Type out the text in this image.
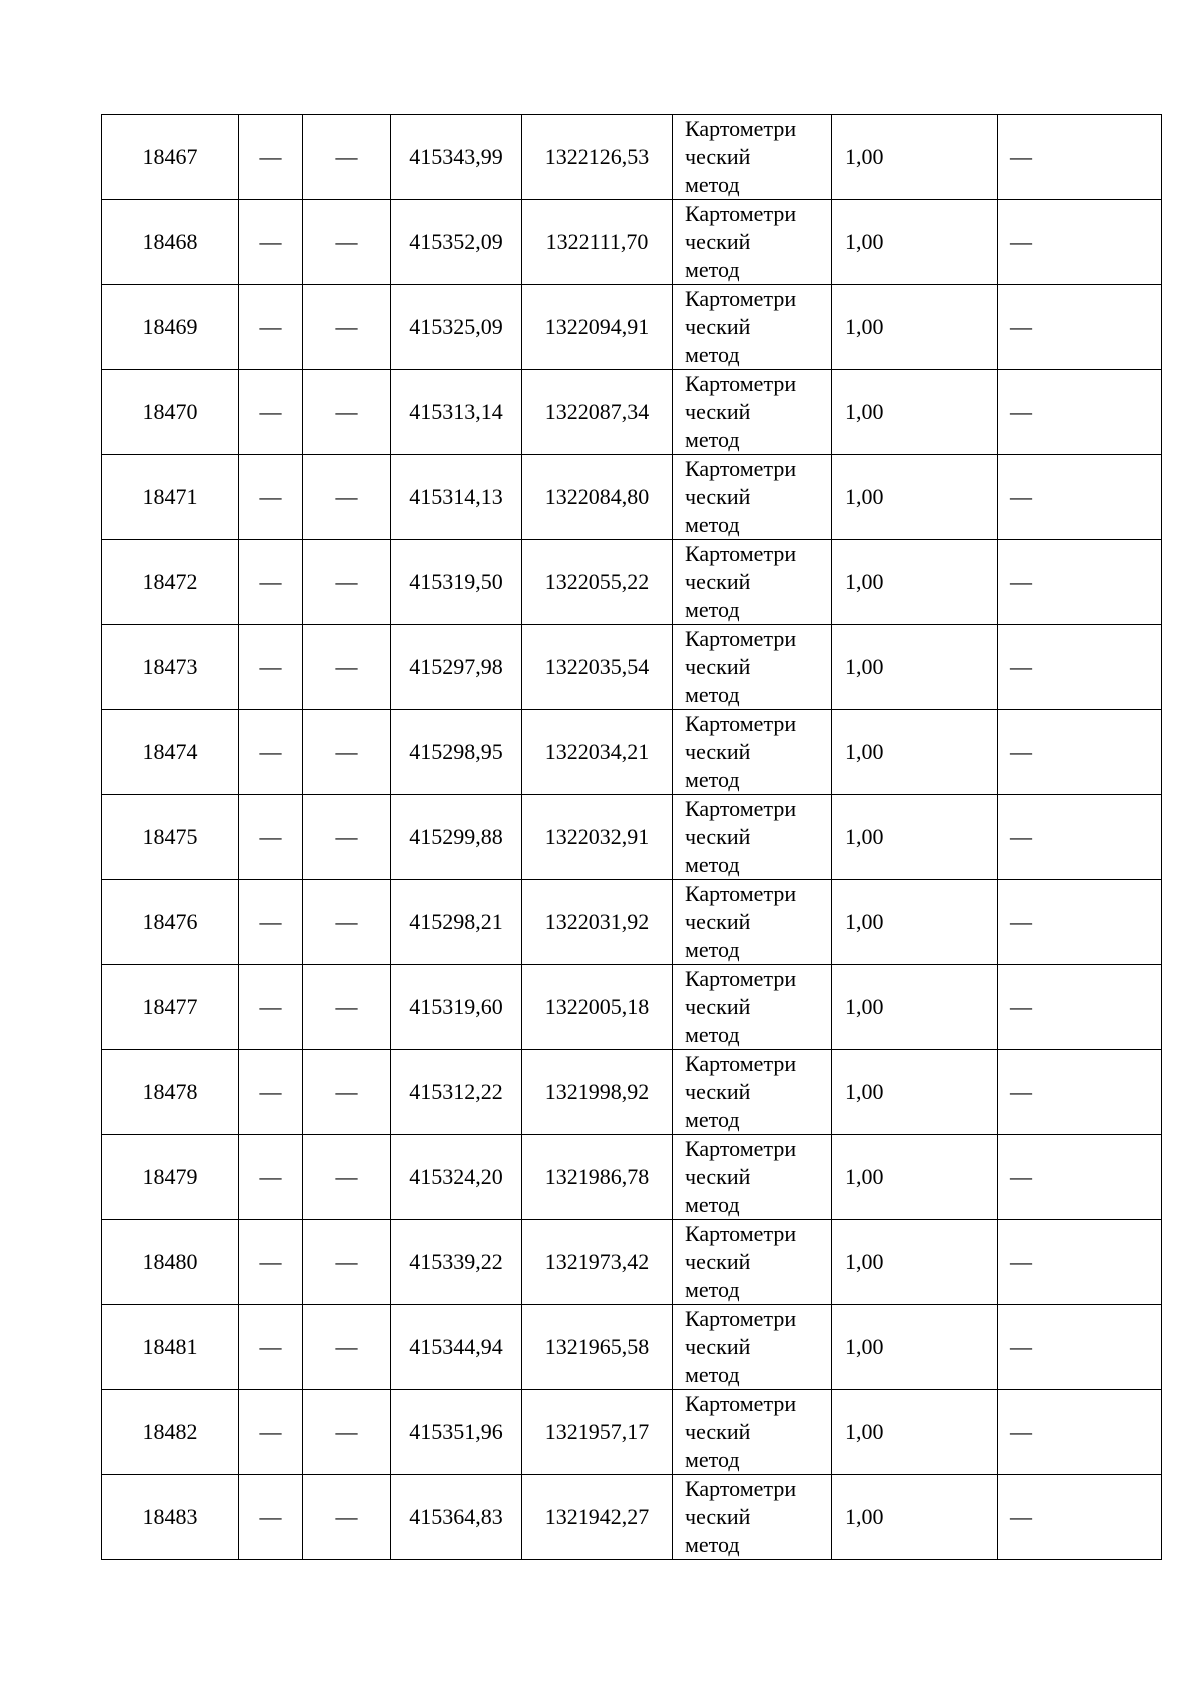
18467	—	—	415343,99	1322126,53	Картометри
ческий
метод	1,00	—
18468	—	—	415352,09	1322111,70	Картометри
ческий
метод	1,00	—
18469	—	—	415325,09	1322094,91	Картометри
ческий
метод	1,00	—
18470	—	—	415313,14	1322087,34	Картометри
ческий
метод	1,00	—
18471	—	—	415314,13	1322084,80	Картометри
ческий
метод	1,00	—
18472	—	—	415319,50	1322055,22	Картометри
ческий
метод	1,00	—
18473	—	—	415297,98	1322035,54	Картометри
ческий
метод	1,00	—
18474	—	—	415298,95	1322034,21	Картометри
ческий
метод	1,00	—
18475	—	—	415299,88	1322032,91	Картометри
ческий
метод	1,00	—
18476	—	—	415298,21	1322031,92	Картометри
ческий
метод	1,00	—
18477	—	—	415319,60	1322005,18	Картометри
ческий
метод	1,00	—
18478	—	—	415312,22	1321998,92	Картометри
ческий
метод	1,00	—
18479	—	—	415324,20	1321986,78	Картометри
ческий
метод	1,00	—
18480	—	—	415339,22	1321973,42	Картометри
ческий
метод	1,00	—
18481	—	—	415344,94	1321965,58	Картометри
ческий
метод	1,00	—
18482	—	—	415351,96	1321957,17	Картометри
ческий
метод	1,00	—
18483	—	—	415364,83	1321942,27	Картометри
ческий
метод	1,00	—
